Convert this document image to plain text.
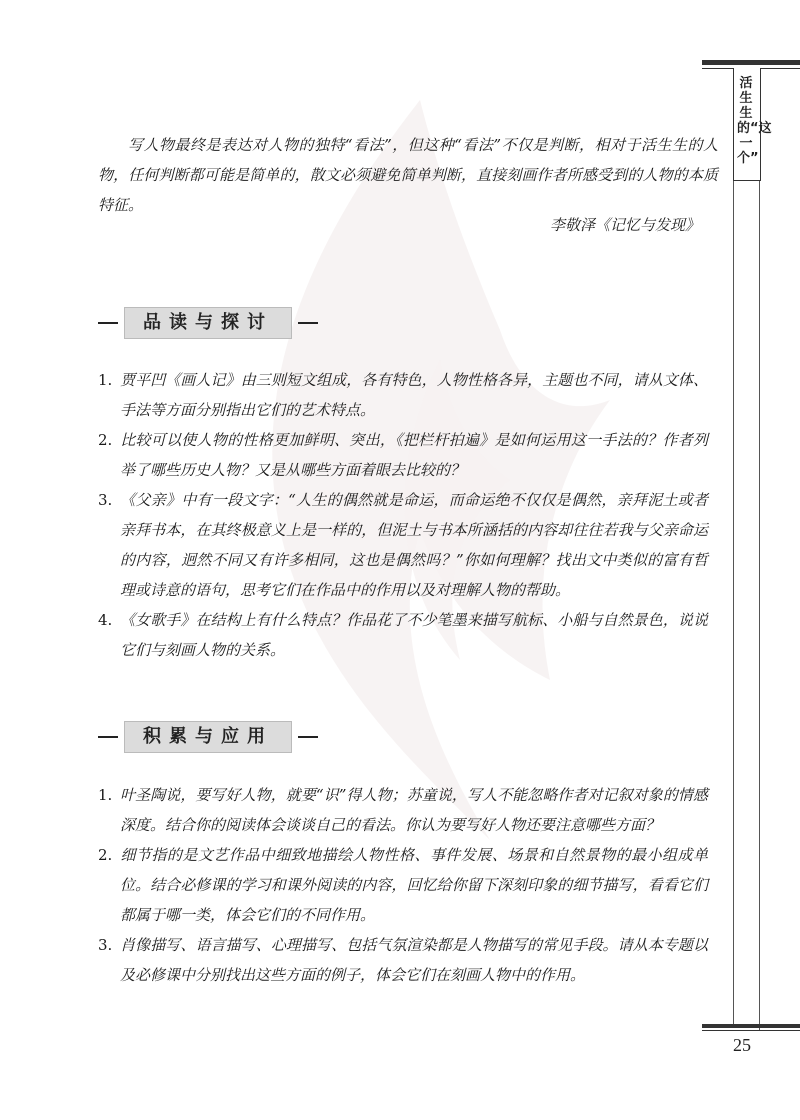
活生生的“这一个”
25

写人物最终是表达对人物的独特“看法”，但这种“看法”不仅是判断，相对于活生生的人物，任何判断都可能是简单的，散文必须避免简单判断，直接刻画作者所感受到的人物的本质特征。

李敬泽《记忆与发现》
品读与探讨

1. 贾平凹《画人记》由三则短文组成，各有特色，人物性格各异，主题也不同，请从文体、手法等方面分别指出它们的艺术特点。

2. 比较可以使人物的性格更加鲜明、突出，《把栏杆拍遍》是如何运用这一手法的？作者列举了哪些历史人物？又是从哪些方面着眼去比较的？

3. 《父亲》中有一段文字：“人生的偶然就是命运，而命运绝不仅仅是偶然，亲拜泥土或者亲拜书本，在其终极意义上是一样的，但泥土与书本所涵括的内容却往往若我与父亲命运的内容，迥然不同又有许多相同，这也是偶然吗？”你如何理解？找出文中类似的富有哲理或诗意的语句，思考它们在作品中的作用以及对理解人物的帮助。

4. 《女歌手》在结构上有什么特点？作品花了不少笔墨来描写航标、小船与自然景色，说说它们与刻画人物的关系。

积累与应用

1. 叶圣陶说，要写好人物，就要“识”得人物；苏童说，写人不能忽略作者对记叙对象的情感深度。结合你的阅读体会谈谈自己的看法。你认为要写好人物还要注意哪些方面？

2. 细节指的是文艺作品中细致地描绘人物性格、事件发展、场景和自然景物的最小组成单位。结合必修课的学习和课外阅读的内容，回忆给你留下深刻印象的细节描写，看看它们都属于哪一类，体会它们的不同作用。

3. 肖像描写、语言描写、心理描写、包括气氛渲染都是人物描写的常见手段。请从本专题以及必修课中分别找出这些方面的例子，体会它们在刻画人物中的作用。
